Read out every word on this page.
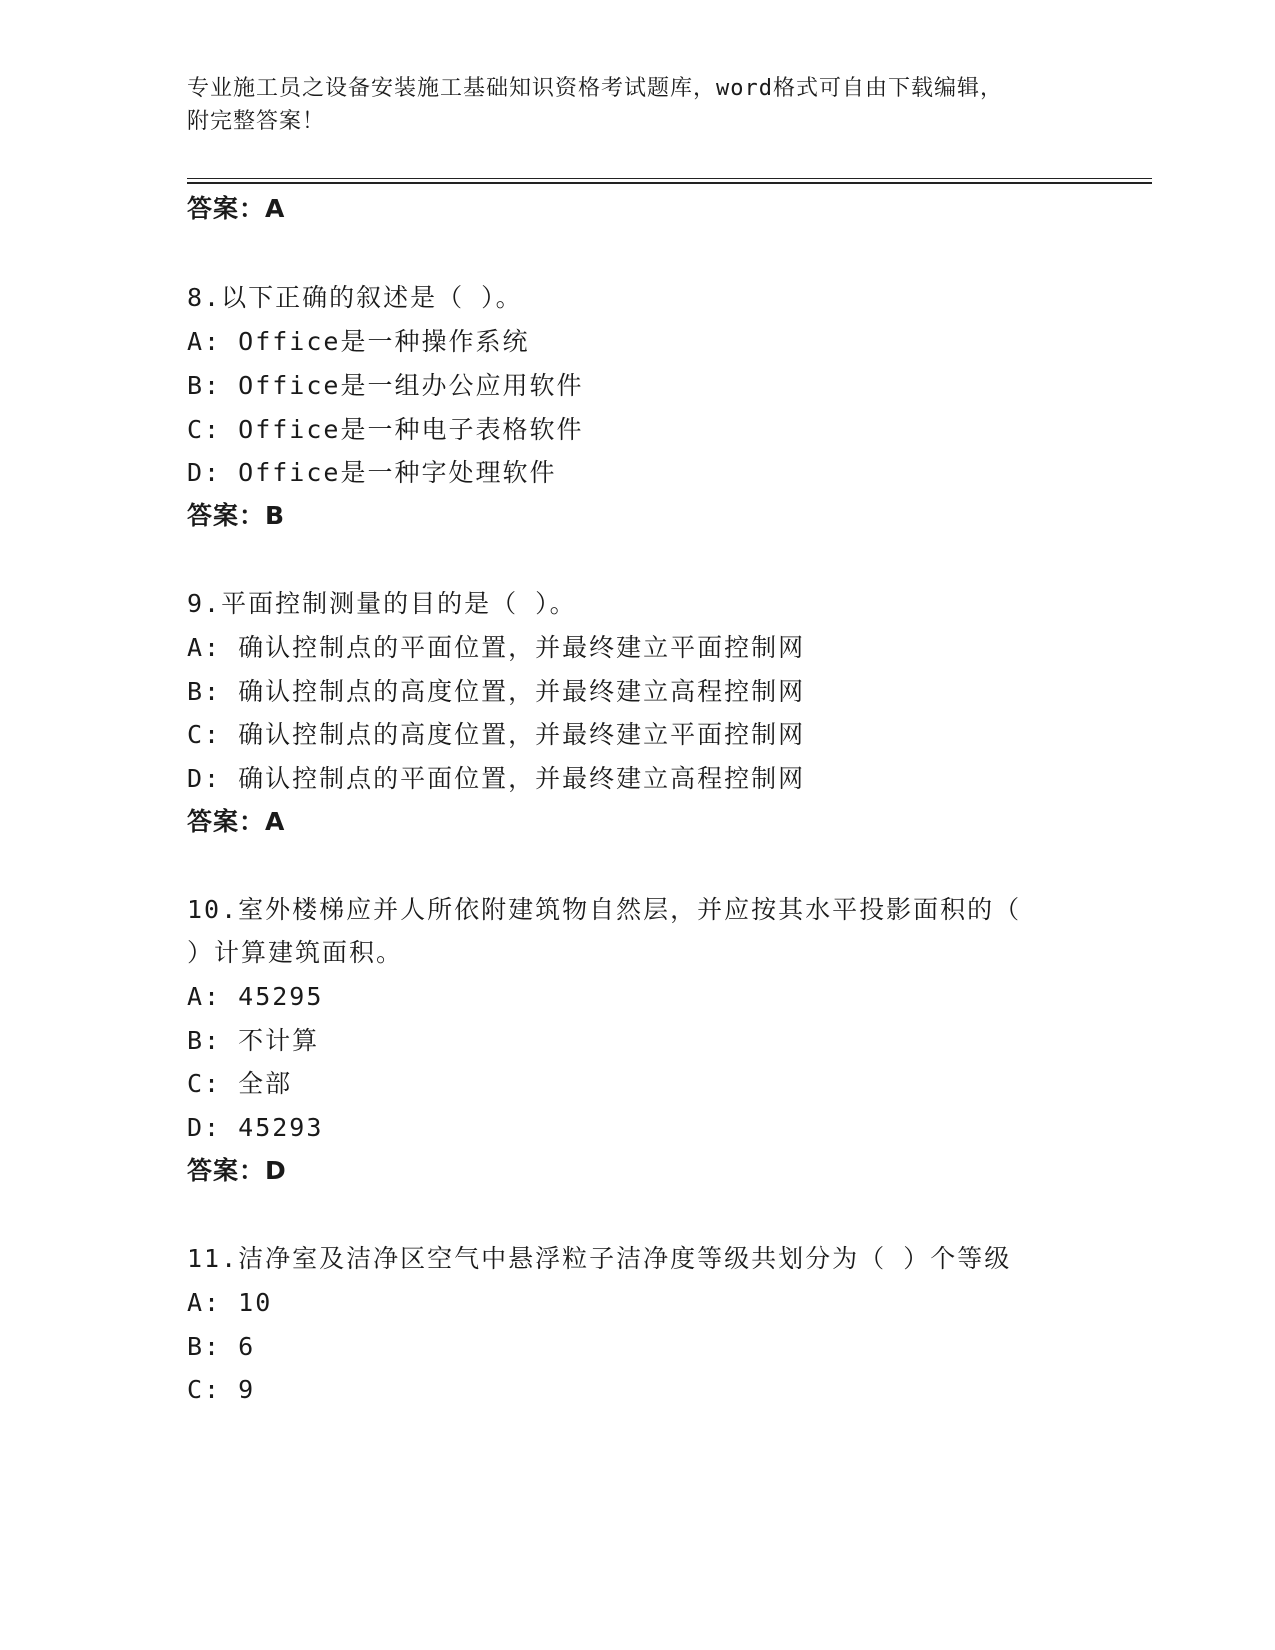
专业施工员之设备安装施工基础知识资格考试题库，word格式可自由下载编辑，
附完整答案！
答案：A
8.以下正确的叙述是（ ）。
A: Office是一种操作系统
B: Office是一组办公应用软件
C: Office是一种电子表格软件
D: Office是一种字处理软件
答案：B
9.平面控制测量的目的是（ ）。
A: 确认控制点的平面位置，并最终建立平面控制网
B: 确认控制点的高度位置，并最终建立高程控制网
C: 确认控制点的高度位置，并最终建立平面控制网
D: 确认控制点的平面位置，并最终建立高程控制网
答案：A
10.室外楼梯应并人所依附建筑物自然层，并应按其水平投影面积的（
）计算建筑面积。
A: 45295
B: 不计算
C: 全部
D: 45293
答案：D
11.洁净室及洁净区空气中悬浮粒子洁净度等级共划分为（ ）个等级
A: 10
B: 6
C: 9
